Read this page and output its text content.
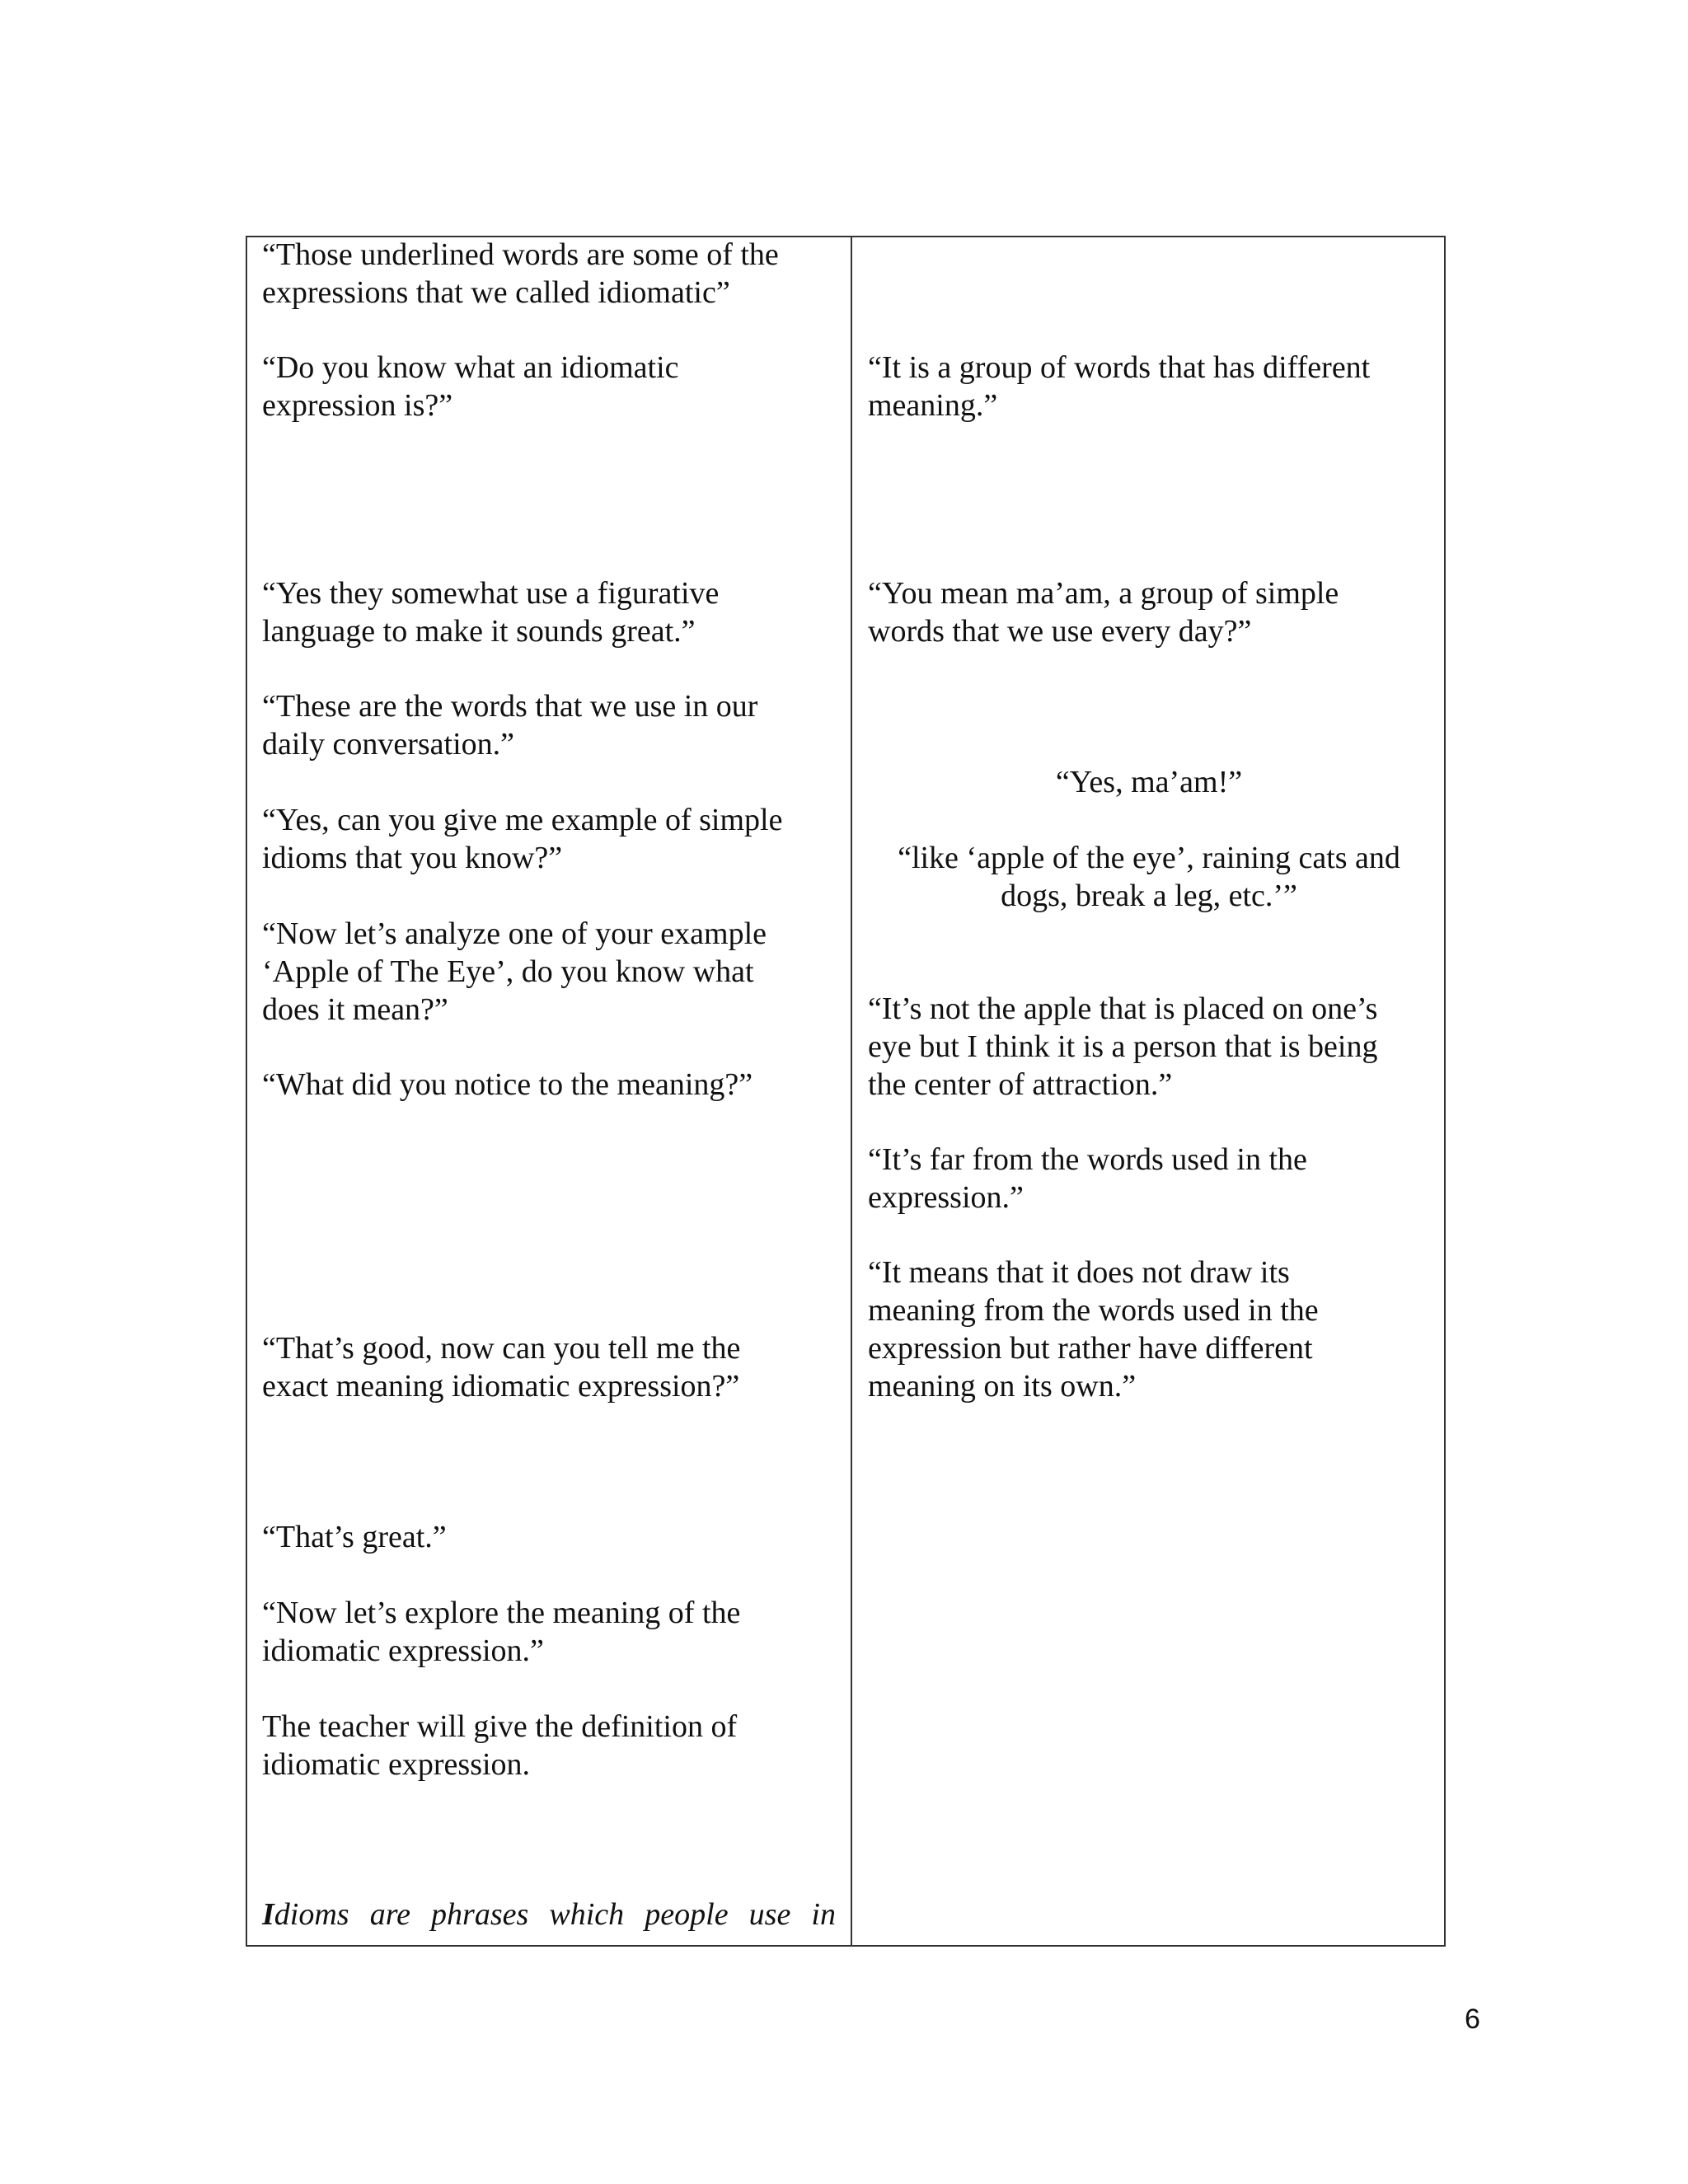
“Those underlined words are some of the

expressions that we called idiomatic”

“Do you know what an idiomatic

expression is?”

“Yes they somewhat use a figurative

language to make it sounds great.”

“These are the words that we use in our

daily conversation.”

“Yes, can you give me example of simple

idioms that you know?”

“Now let’s analyze one of your example

‘Apple of The Eye’, do you know what

does it mean?”

“What did you notice to the meaning?”

“That’s good, now can you tell me the

exact meaning idiomatic expression?”

“That’s great.”

“Now let’s explore the meaning of the

idiomatic expression.”

The teacher will give the definition of

idiomatic expression.

Idioms are phrases which people use in

“It is a group of words that has different

meaning.”

“You mean ma’am, a group of simple

words that we use every day?”

“Yes, ma’am!”
“like ‘apple of the eye’, raining cats and
dogs, break a leg, etc.’”

“It’s not the apple that is placed on one’s

eye but I think it is a person that is being

the center of attraction.”

“It’s far from the words used in the

expression.”

“It means that it does not draw its

meaning from the words used in the

expression but rather have different

meaning on its own.”

6
